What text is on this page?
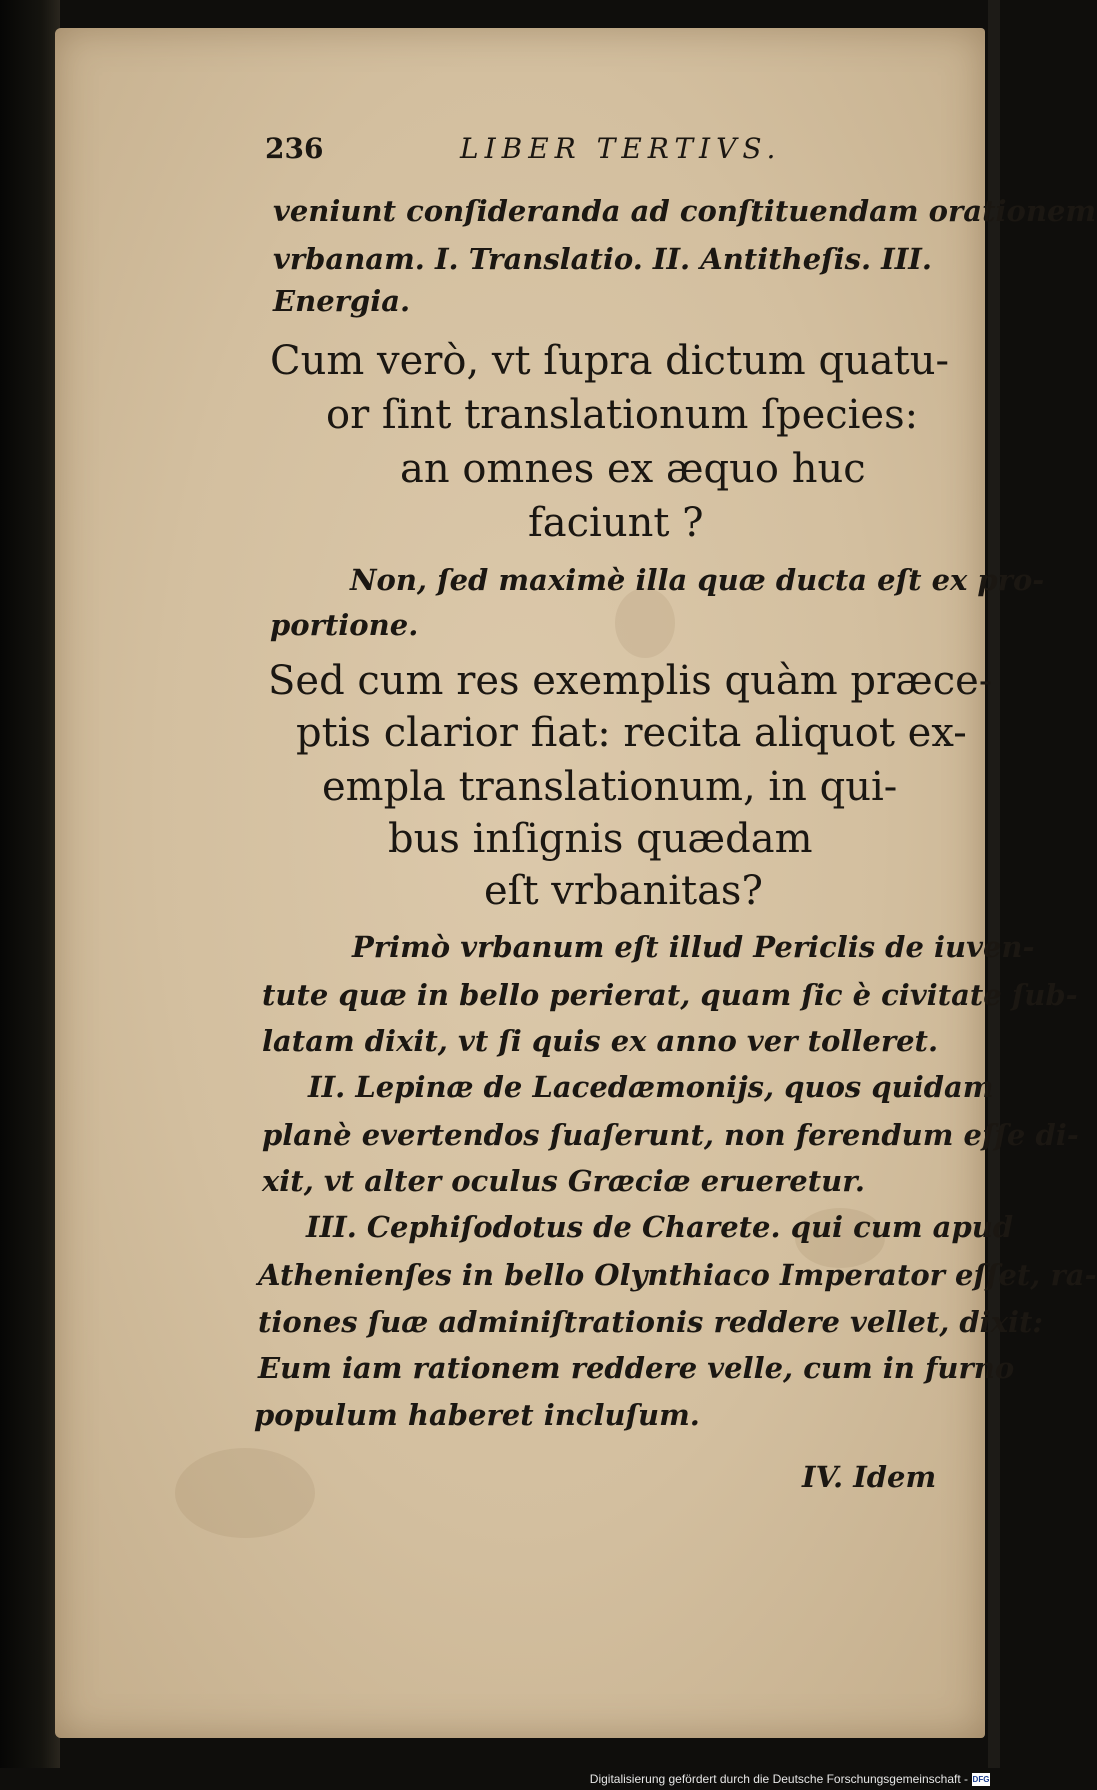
236	LIBER TERTIVS.
veniunt conſideranda ad conſtituendam orationem
vrbanam. I. Translatio. II. Antitheſis. III.
Energia.
Cum verò, vt ſupra dictum quatu-
or ſint translationum ſpecies:
an omnes ex æquo huc
faciunt ?
Non, ſed maximè illa quæ ducta eſt ex pro-
portione.
Sed cum res exemplis quàm præce-
ptis clarior fiat: recita aliquot ex-
empla translationum, in qui-
bus inſignis quædam
eſt vrbanitas?
Primò vrbanum eſt illud Periclis de iuven-
tute quæ in bello perierat, quam ſic è civitate ſub-
latam dixit, vt ſi quis ex anno ver tolleret.
II. Lepinæ de Lacedæmonijs, quos quidam
planè evertendos ſuaſerunt, non ferendum eſſe di-
xit, vt alter oculus Græciæ erueretur.
III. Cephiſodotus de Charete. qui cum apud
Athenienſes in bello Olynthiaco Imperator eſſet, ra-
tiones ſuæ adminiſtrationis reddere vellet, dixit:
Eum iam rationem reddere velle, cum in furno
populum haberet incluſum.
IV. Idem
Digitalisierung gefördert durch die Deutsche Forschungsgemeinschaft - DFG
